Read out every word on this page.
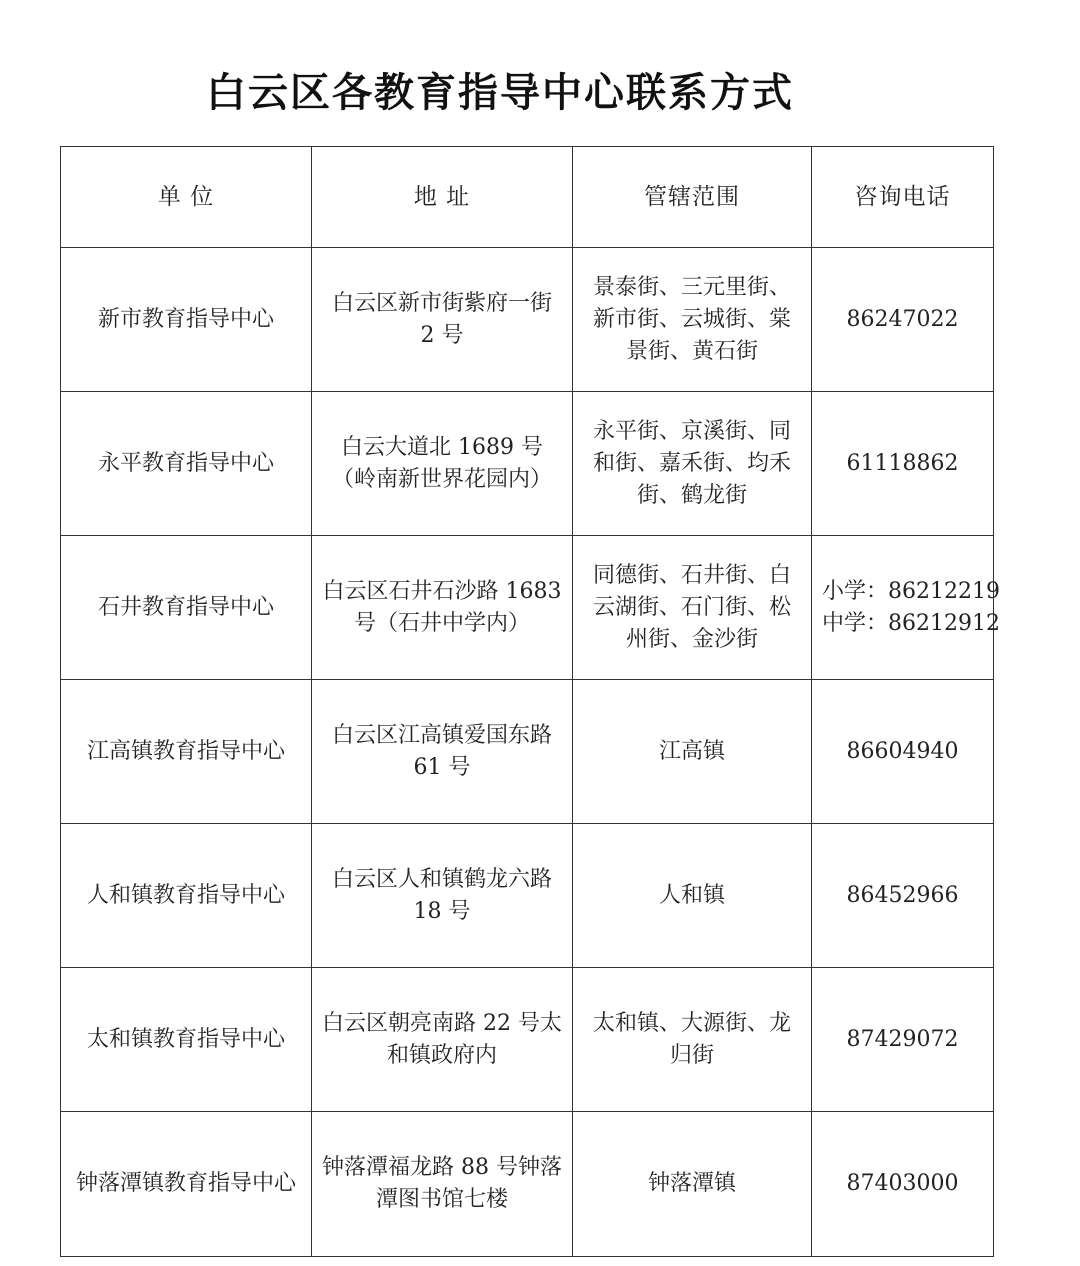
白云区各教育指导中心联系方式
单 位	地 址	管辖范围	咨询电话
新市教育指导中心	白云区新市街紫府一街 2 号	景泰街、三元里街、新市街、云城街、棠景街、黄石街	86247022

永平教育指导中心	白云大道北 1689 号（岭南新世界花园内）	永平街、京溪街、同和街、嘉禾街、均禾街、鹤龙街	61118862

石井教育指导中心	白云区石井石沙路 1683 号（石井中学内）	同德街、石井街、白云湖街、石门街、松州街、金沙街	小学：86212219
中学：86212912

江高镇教育指导中心	白云区江高镇爱国东路 61 号	江高镇	86604940

人和镇教育指导中心	白云区人和镇鹤龙六路 18 号	人和镇	86452966

太和镇教育指导中心	白云区朝亮南路 22 号太和镇政府内	太和镇、大源街、龙归街	87429072

钟落潭镇教育指导中心	钟落潭福龙路 88 号钟落潭图书馆七楼	钟落潭镇	87403000
